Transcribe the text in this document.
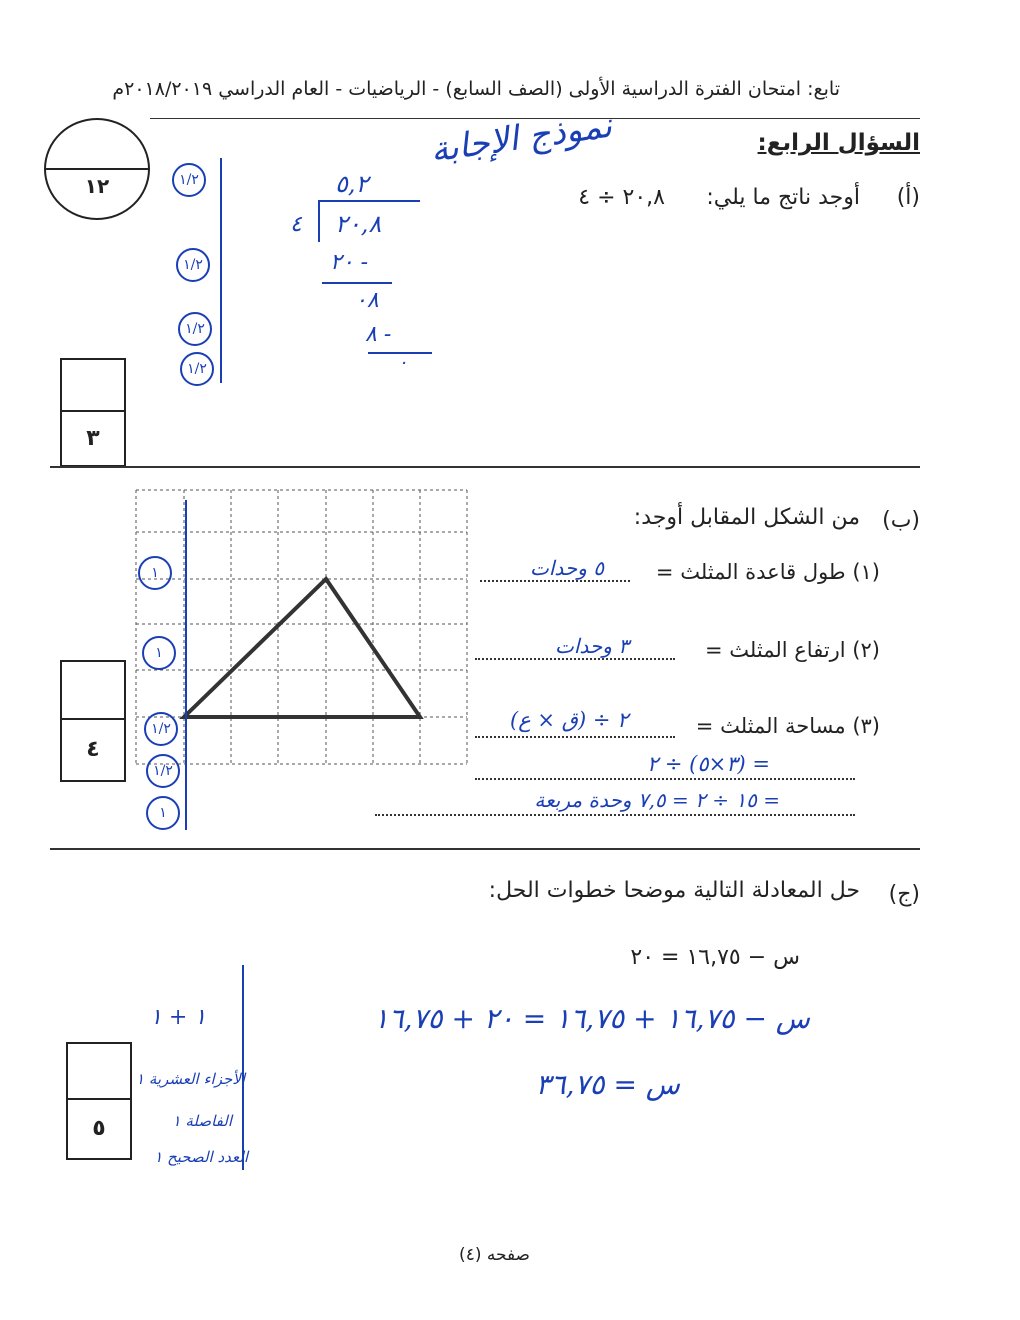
تابع: امتحان الفترة الدراسية الأولى (الصف السابع) - الرياضيات - العام الدراسي ٢٠١٨/٢٠١٩م
نموذج الإجابة	السؤال الرابع:
١٢	(أ)
أوجد ناتج ما يلي:
٢٠,٨ ÷ ٤
٥,٢
٤ ٢٠,٨
٢٠ -
٠٨
٨ -
٠
١/٢
١/٢
١/٢
١/٢
٣
(ب)
من الشكل المقابل أوجد:
١
١
١/٢
١/٢
١
٤
(١) طول قاعدة المثلث =
٥ وحدات
(٢) ارتفاع المثلث =
٣ وحدات
(٣) مساحة المثلث =
(ق × ع) ÷ ٢
= (٣×٥) ÷ ٢
= ١٥ ÷ ٢ = ٧,٥ وحدة مربعة
(ج)
حل المعادلة التالية موضحا خطوات الحل:
س − ١٦,٧٥ = ٢٠
س − ١٦,٧٥ + ١٦,٧٥ = ٢٠ + ١٦,٧٥
س = ٣٦,٧٥
١ + ١
الأجزاء العشرية ١
الفاصلة ١
العدد الصحيح ١
٥
صفحه (٤)
